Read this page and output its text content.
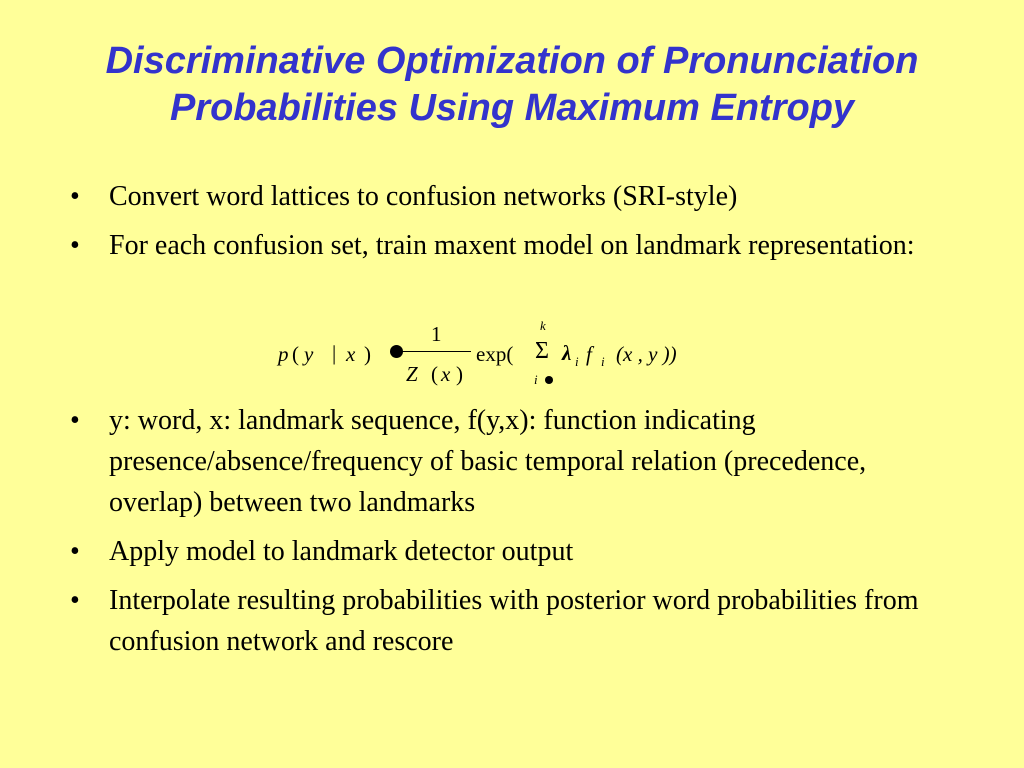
Discriminative Optimization of Pronunciation
Probabilities Using Maximum Entropy
• Convert word lattices to confusion networks (SRI-style)
• For each confusion set, train maxent model on landmark representation:
• y: word, x: landmark sequence, f(y,x): function indicating presence/absence/frequency of basic temporal relation (precedence, overlap) between two landmarks
• Apply model to landmark detector output
• Interpolate resulting probabilities with posterior word probabilities from confusion network and rescore
p ( y | x )
1
Z ( x )
exp(
k
Σ
i
λ i f i (x , y ))
